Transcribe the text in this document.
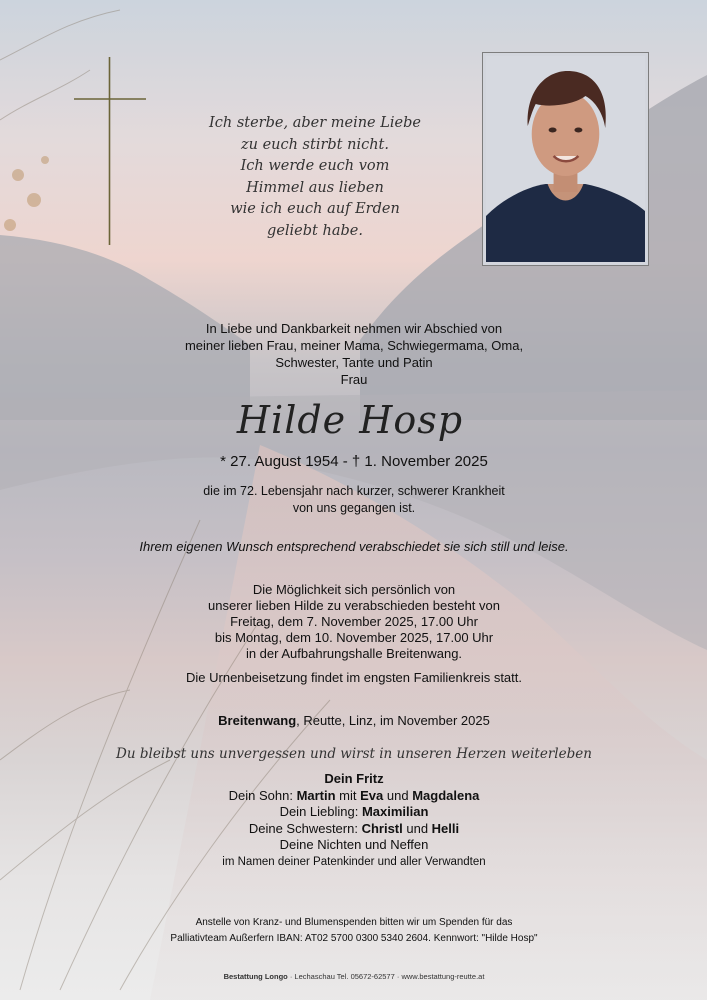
Ich sterbe, aber meine Liebe
zu euch stirbt nicht.
Ich werde euch vom
Himmel aus lieben
wie ich euch auf Erden
geliebt habe.
In Liebe und Dankbarkeit nehmen wir Abschied von
meiner lieben Frau, meiner Mama, Schwiegermama, Oma,
Schwester, Tante und Patin
Frau
Hilde Hosp
* 27. August 1954 - † 1. November 2025
die im 72. Lebensjahr nach kurzer, schwerer Krankheit
von uns gegangen ist.
Ihrem eigenen Wunsch entsprechend verabschiedet sie sich still und leise.
Die Möglichkeit sich persönlich von
unserer lieben Hilde zu verabschieden besteht von
Freitag, dem 7. November 2025, 17.00 Uhr
bis Montag, dem 10. November 2025, 17.00 Uhr
in der Aufbahrungshalle Breitenwang.
Die Urnenbeisetzung findet im engsten Familienkreis statt.
Breitenwang, Reutte, Linz, im November 2025
Du bleibst uns unvergessen und wirst in unseren Herzen weiterleben
Dein Fritz
Dein Sohn: Martin mit Eva und Magdalena
Dein Liebling: Maximilian
Deine Schwestern: Christl und Helli
Deine Nichten und Neffen
im Namen deiner Patenkinder und aller Verwandten
Anstelle von Kranz- und Blumenspenden bitten wir um Spenden für das
Palliativteam Außerfern IBAN: AT02 5700 0300 5340 2604. Kennwort: "Hilde Hosp"
Bestattung Longo · Lechaschau Tel. 05672-62577 · www.bestattung-reutte.at
